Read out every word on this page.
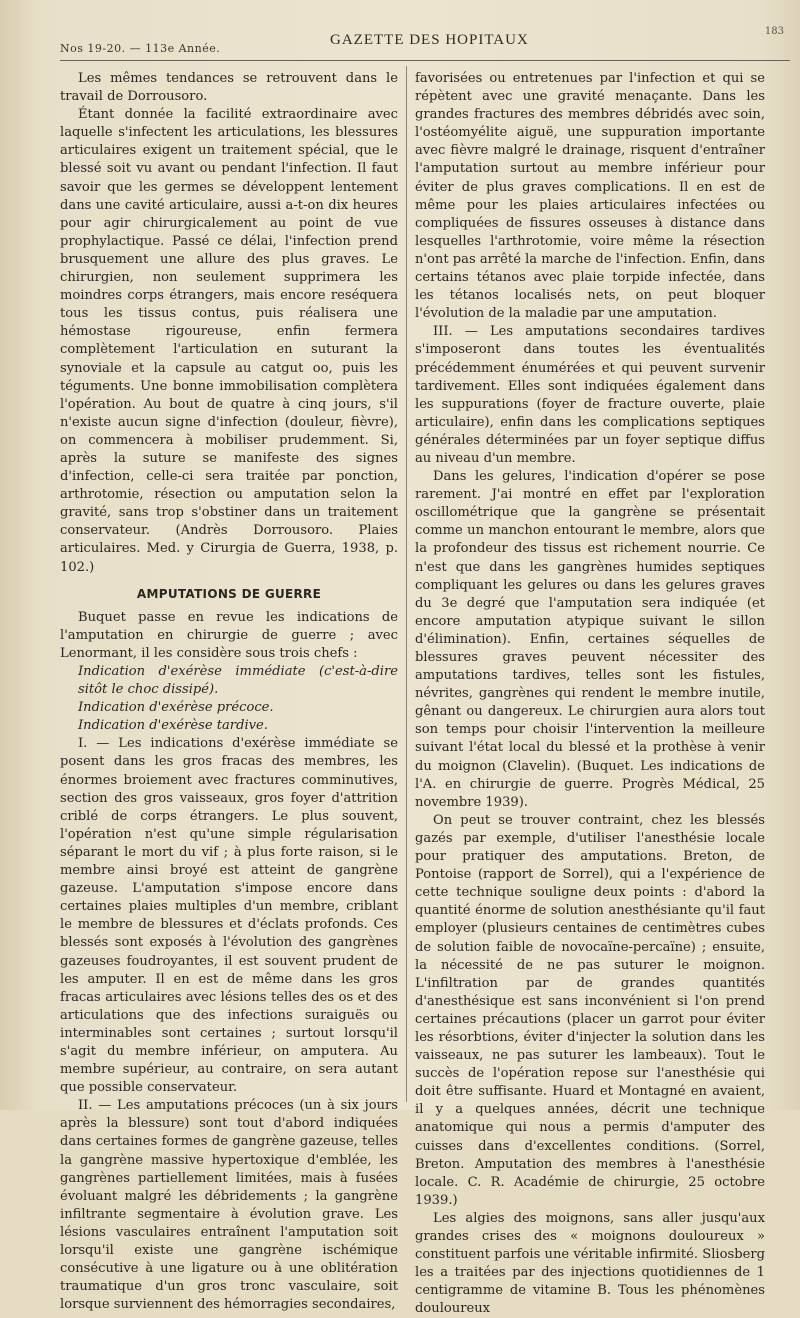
Nos 19-20. — 113e Année.
GAZETTE DES HOPITAUX
183

Les mêmes tendances se retrouvent dans le travail de Dorrousoro.

Étant donnée la facilité extraordinaire avec laquelle s'infectent les articulations, les blessures articulaires exigent un traitement spécial, que le blessé soit vu avant ou pendant l'infection. Il faut savoir que les germes se développent lentement dans une cavité articulaire, aussi a-t-on dix heures pour agir chirurgicalement au point de vue prophylactique. Passé ce délai, l'infection prend brusquement une allure des plus graves. Le chirurgien, non seulement supprimera les moindres corps étrangers, mais encore reséquera tous les tissus contus, puis réalisera une hémostase rigoureuse, enfin fermera complètement l'articulation en suturant la synoviale et la capsule au catgut oo, puis les téguments. Une bonne immobilisation complètera l'opération. Au bout de quatre à cinq jours, s'il n'existe aucun signe d'infection (douleur, fièvre), on commencera à mobiliser prudemment. Si, après la suture se manifeste des signes d'infection, celle-ci sera traitée par ponction, arthrotomie, résection ou amputation selon la gravité, sans trop s'obstiner dans un traitement conservateur. (Andrès Dorrousoro. Plaies articulaires. Med. y Cirurgia de Guerra, 1938, p. 102.)

AMPUTATIONS DE GUERRE

Buquet passe en revue les indications de l'amputation en chirurgie de guerre ; avec Lenormant, il les considère sous trois chefs :

Indication d'exérèse immédiate (c'est-à-dire sitôt le choc dissipé).

Indication d'exérèse précoce.

Indication d'exérèse tardive.

I. — Les indications d'exérèse immédiate se posent dans les gros fracas des membres, les énormes broiement avec fractures comminutives, section des gros vaisseaux, gros foyer d'attrition criblé de corps étrangers. Le plus souvent, l'opération n'est qu'une simple régularisation séparant le mort du vif ; à plus forte raison, si le membre ainsi broyé est atteint de gangrène gazeuse. L'amputation s'impose encore dans certaines plaies multiples d'un membre, criblant le membre de blessures et d'éclats profonds. Ces blessés sont exposés à l'évolution des gangrènes gazeuses foudroyantes, il est souvent prudent de les amputer. Il en est de même dans les gros fracas articulaires avec lésions telles des os et des articulations que des infections suraiguës ou interminables sont certaines ; surtout lorsqu'il s'agit du membre inférieur, on amputera. Au membre supérieur, au contraire, on sera autant que possible conservateur.

II. — Les amputations précoces (un à six jours après la blessure) sont tout d'abord indiquées dans certaines formes de gangrène gazeuse, telles la gangrène massive hypertoxique d'emblée, les gangrènes partiellement limitées, mais à fusées évoluant malgré les débridements ; la gangrène infiltrante segmentaire à évolution grave. Les lésions vasculaires entraînent l'amputation soit lorsqu'il existe une gangrène ischémique consécutive à une ligature ou à une oblitération traumatique d'un gros tronc vasculaire, soit lorsque surviennent des hémorragies secondaires,

favorisées ou entretenues par l'infection et qui se répètent avec une gravité menaçante. Dans les grandes fractures des membres débridés avec soin, l'ostéomyélite aiguë, une suppuration importante avec fièvre malgré le drainage, risquent d'entraîner l'amputation surtout au membre inférieur pour éviter de plus graves complications. Il en est de même pour les plaies articulaires infectées ou compliquées de fissures osseuses à distance dans lesquelles l'arthrotomie, voire même la résection n'ont pas arrêté la marche de l'infection. Enfin, dans certains tétanos avec plaie torpide infectée, dans les tétanos localisés nets, on peut bloquer l'évolution de la maladie par une amputation.

III. — Les amputations secondaires tardives s'imposeront dans toutes les éventualités précédemment énumérées et qui peuvent survenir tardivement. Elles sont indiquées également dans les suppurations (foyer de fracture ouverte, plaie articulaire), enfin dans les complications septiques générales déterminées par un foyer septique diffus au niveau d'un membre.

Dans les gelures, l'indication d'opérer se pose rarement. J'ai montré en effet par l'exploration oscillométrique que la gangrène se présentait comme un manchon entourant le membre, alors que la profondeur des tissus est richement nourrie. Ce n'est que dans les gangrènes humides septiques compliquant les gelures ou dans les gelures graves du 3e degré que l'amputation sera indiquée (et encore amputation atypique suivant le sillon d'élimination). Enfin, certaines séquelles de blessures graves peuvent nécessiter des amputations tardives, telles sont les fistules, névrites, gangrènes qui rendent le membre inutile, gênant ou dangereux. Le chirurgien aura alors tout son temps pour choisir l'intervention la meilleure suivant l'état local du blessé et la prothèse à venir du moignon (Clavelin). (Buquet. Les indications de l'A. en chirurgie de guerre. Progrès Médical, 25 novembre 1939).

On peut se trouver contraint, chez les blessés gazés par exemple, d'utiliser l'anesthésie locale pour pratiquer des amputations. Breton, de Pontoise (rapport de Sorrel), qui a l'expérience de cette technique souligne deux points : d'abord la quantité énorme de solution anesthésiante qu'il faut employer (plusieurs centaines de centimètres cubes de solution faible de novocaïne-percaïne) ; ensuite, la nécessité de ne pas suturer le moignon. L'infiltration par de grandes quantités d'anesthésique est sans inconvénient si l'on prend certaines précautions (placer un garrot pour éviter les résorbtions, éviter d'injecter la solution dans les vaisseaux, ne pas suturer les lambeaux). Tout le succès de l'opération repose sur l'anesthésie qui doit être suffisante. Huard et Montagné en avaient, il y a quelques années, décrit une technique anatomique qui nous a permis d'amputer des cuisses dans d'excellentes conditions. (Sorrel, Breton. Amputation des membres à l'anesthésie locale. C. R. Académie de chirurgie, 25 octobre 1939.)

Les algies des moignons, sans aller jusqu'aux grandes crises des « moignons douloureux » constituent parfois une véritable infirmité. Sliosberg les a traitées par des injections quotidiennes de 1 centigramme de vitamine B. Tous les phénomènes douloureux
